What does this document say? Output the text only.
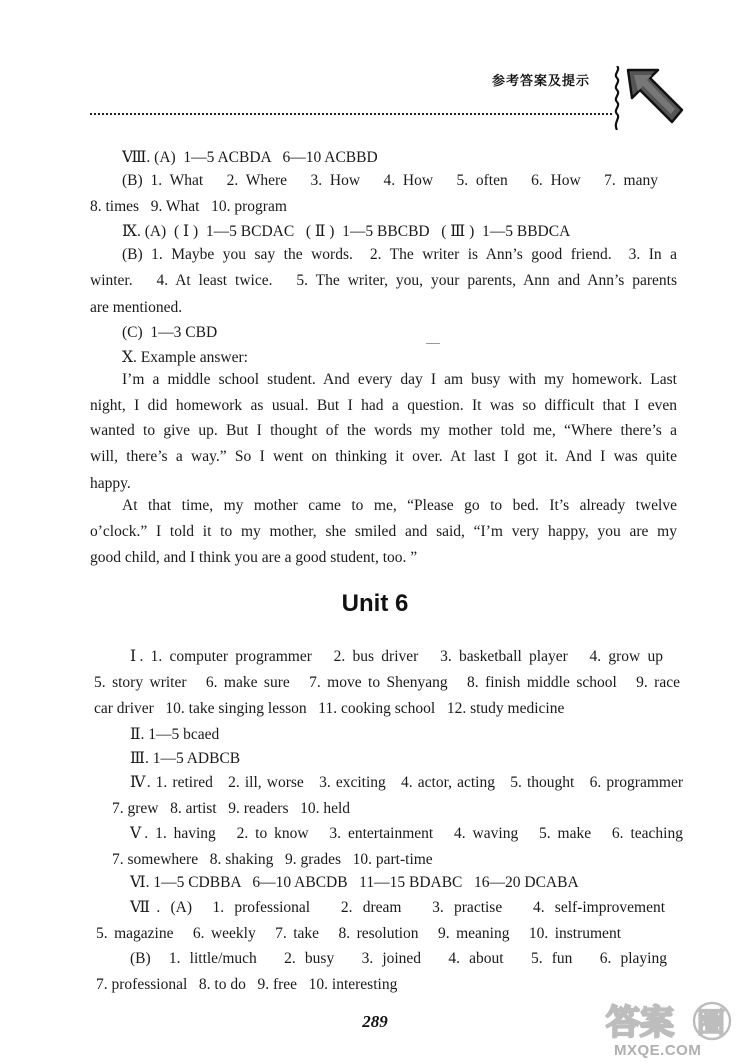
参考答案及提示
Ⅷ. (A)  1—5 ACBDA   6—10 ACBBD
(B) 1. What   2. Where   3. How   4. How   5. often   6. How   7. many
8. times   9. What   10. program
Ⅸ. (A)  ( Ⅰ )  1—5 BCDAC   ( Ⅱ )  1—5 BBCBD   ( Ⅲ )  1—5 BBDCA
(B) 1. Maybe you say the words.  2. The writer is Ann’s good friend.  3. In a
winter.   4. At least twice.   5. The writer, you, your parents, Ann and Ann’s parents
are mentioned.
(C)  1—3 CBD
Ⅹ. Example answer:
I’m a middle school student. And every day I am busy with my homework. Last
night, I did homework as usual. But I had a question. It was so difficult that I even
wanted to give up. But I thought of the words my mother told me, “Where there’s a
will, there’s a way.” So I went on thinking it over. At last I got it. And I was quite
happy.
At that time, my mother came to me, “Please go to bed. It’s already twelve
o’clock.” I told it to my mother, she smiled and said, “I’m very happy, you are my
good child, and I think you are a good student, too. ”
Unit 6
Ⅰ. 1. computer programmer   2. bus driver   3. basketball player   4. grow up
5. story writer   6. make sure   7. move to Shenyang   8. finish middle school   9. race
car driver   10. take singing lesson   11. cooking school   12. study medicine
Ⅱ. 1—5 bcaed
Ⅲ. 1—5 ADBCB
Ⅳ. 1. retired   2. ill, worse   3. exciting   4. actor, acting   5. thought   6. programmer
7. grew   8. artist   9. readers   10. held
Ⅴ. 1. having   2. to know   3. entertainment   4. waving   5. make   6. teaching
7. somewhere   8. shaking   9. grades   10. part-time
Ⅵ. 1—5 CDBBA   6—10 ABCDB   11—15 BDABC   16—20 DCABA
Ⅶ. (A)  1. professional   2. dream   3. practise   4. self-improvement
5. magazine   6. weekly   7. take   8. resolution   9. meaning   10. instrument
(B)  1. little/much   2. busy   3. joined   4. about   5. fun   6. playing
7. professional   8. to do   9. free   10. interesting
289	答案 圈
MXQE.COM
